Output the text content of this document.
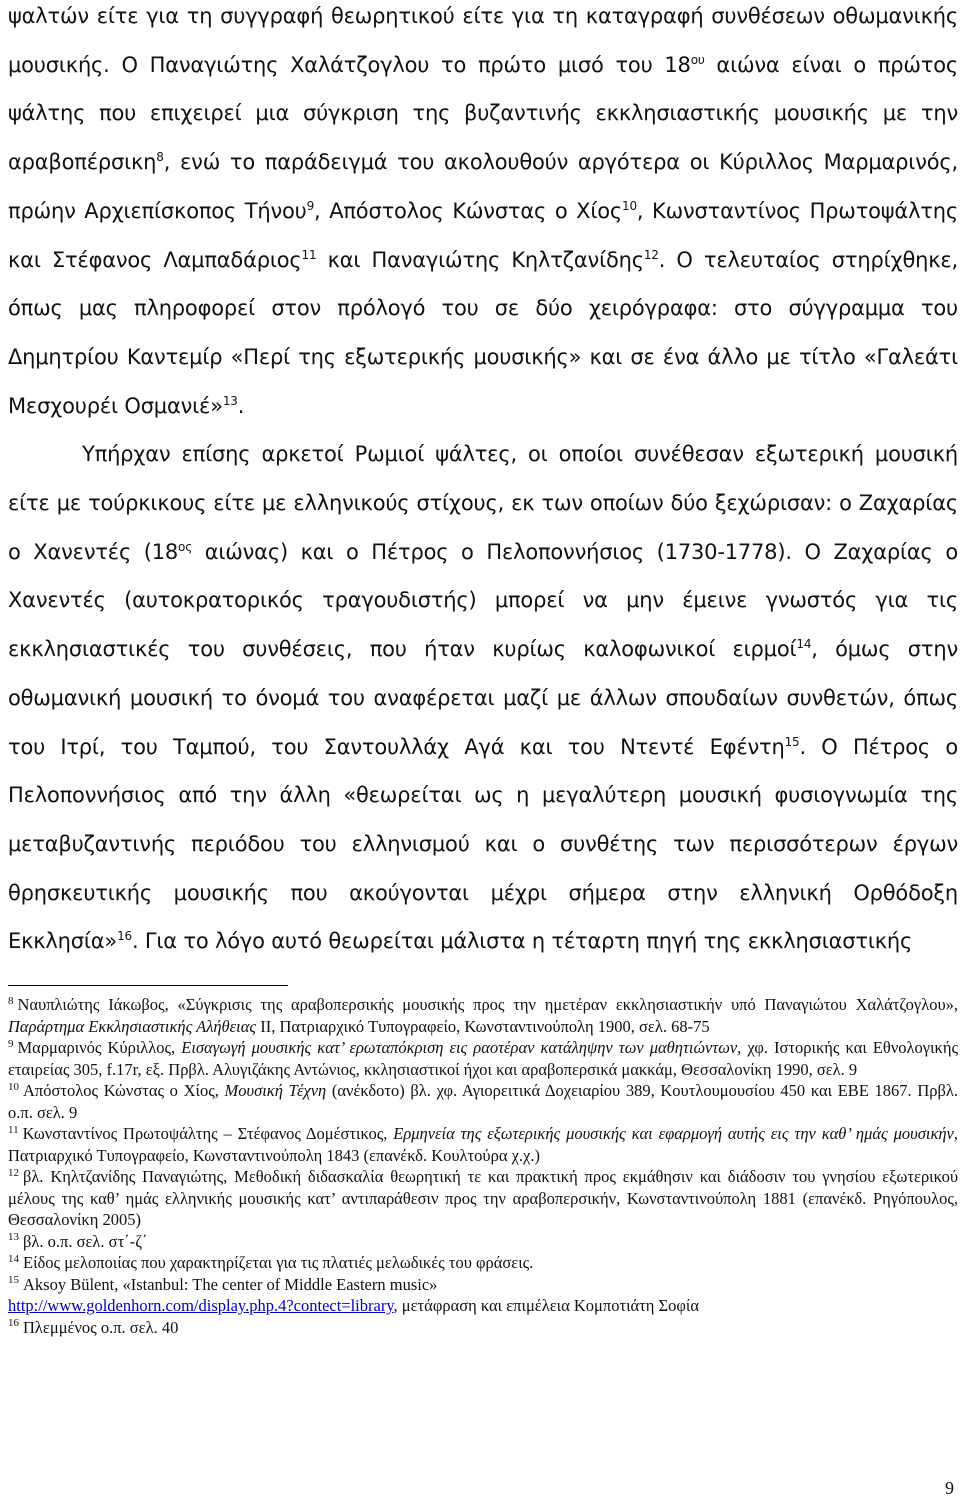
ψαλτών είτε για τη συγγραφή θεωρητικού είτε για τη καταγραφή συνθέσεων οθωμανικής μουσικής. Ο Παναγιώτης Χαλάτζογλου το πρώτο μισό του 18$^{o\upsilon}$ αιώνα είναι ο πρώτος ψάλτης που επιχειρεί μια σύγκριση της βυζαντινής εκκλησιαστικής μουσικής με την αραβοπέρσικη$^8$, ενώ το παράδειγμά του ακολουθούν αργότερα οι Κύριλλος Μαρμαρινός, πρώην Αρχιεπίσκοπος Τήνου$^9$, Απόστολος Κώνστας ο Χίος$^{10}$, Κωνσταντίνος Πρωτοψάλτης και Στέφανος Λαμπαδάριος$^{11}$ και Παναγιώτης Κηλτζανίδης$^{12}$. Ο τελευταίος στηρίχθηκε, όπως μας πληροφορεί στον πρόλογό του σε δύο χειρόγραφα: στο σύγγραμμα του Δημητρίου Καντεμίρ «Περί της εξωτερικής μουσικής» και σε ένα άλλο με τίτλο «Γαλεάτι Μεσχουρέι Οσμανιέ»$^{13}$.

Υπήρχαν επίσης αρκετοί Ρωμιοί ψάλτες, οι οποίοι συνέθεσαν εξωτερική μουσική είτε με τούρκικους είτε με ελληνικούς στίχους, εκ των οποίων δύο ξεχώρισαν: ο Ζαχαρίας ο Χανεντές (18$^{o\varsigma}$ αιώνας) και ο Πέτρος ο Πελοποννήσιος (1730-1778). Ο Ζαχαρίας ο Χανεντές (αυτοκρατορικός τραγουδιστής) μπορεί να μην έμεινε γνωστός για τις εκκλησιαστικές του συνθέσεις, που ήταν κυρίως καλοφωνικοί ειρμοί$^{14}$, όμως στην οθωμανική μουσική το όνομά του αναφέρεται μαζί με άλλων σπουδαίων συνθετών, όπως του Ιτρί, του Ταμπού, του Σαντουλλάχ Αγά και του Ντεντέ Εφέντη$^{15}$. Ο Πέτρος ο Πελοποννήσιος από την άλλη «θεωρείται ως η μεγαλύτερη μουσική φυσιογνωμία της μεταβυζαντινής περιόδου του ελληνισμού και ο συνθέτης των περισσότερων έργων θρησκευτικής μουσικής που ακούγονται μέχρι σήμερα στην ελληνική Ορθόδοξη Εκκλησία»$^{16}$. Για το λόγο αυτό θεωρείται μάλιστα η τέταρτη πηγή της εκκλησιαστικής

$^8$ Ναυπλιώτης Ιάκωβος, «Σύγκρισις της αραβοπερσικής μουσικής προς την ημετέραν εκκλησιαστικήν υπό Παναγιώτου Χαλάτζογλου», Παράρτημα Εκκλησιαστικής Αλήθειας ΙΙ, Πατριαρχικό Τυπογραφείο, Κωνσταντινούπολη 1900, σελ. 68-75

$^9$ Μαρμαρινός Κύριλλος, Εισαγωγή μουσικής κατ’ ερωταπόκριση εις ραοτέραν κατάληψην των μαθητιώντων, χφ. Ιστορικής και Εθνολογικής εταιρείας 305, f.17r, εξ. Πρβλ. Αλυγιζάκης Αντώνιος, κκλησιαστικοί ήχοι και αραβοπερσικά μακκάμ, Θεσσαλονίκη 1990, σελ. 9

$^{10}$ Απόστολος Κώνστας ο Χίος, Μουσική Τέχνη (ανέκδοτο) βλ. χφ. Αγιορειτικά Δοχειαρίου 389, Κουτλουμουσίου 450 και ΕΒΕ 1867. Πρβλ. ο.π. σελ. 9

$^{11}$ Κωνσταντίνος Πρωτοψάλτης – Στέφανος Δομέστικος, Ερμηνεία της εξωτερικής μουσικής και εφαρμογή αυτής εις την καθ’ ημάς μουσικήν, Πατριαρχικό Τυπογραφείο, Κωνσταντινούπολη 1843 (επανέκδ. Κουλτούρα χ.χ.)

$^{12}$ βλ. Κηλτζανίδης Παναγιώτης, Μεθοδική διδασκαλία θεωρητική τε και πρακτική προς εκμάθησιν και διάδοσιν του γνησίου εξωτερικού μέλους της καθ’ ημάς ελληνικής μουσικής κατ’ αντιπαράθεσιν προς την αραβοπερσικήν, Κωνσταντινούπολη 1881 (επανέκδ. Ρηγόπουλος, Θεσσαλονίκη 2005)

$^{13}$ βλ. ο.π. σελ. στ΄-ζ΄

$^{14}$ Είδος μελοποιίας που χαρακτηρίζεται για τις πλατιές μελωδικές του φράσεις.

$^{15}$ Aksoy Bülent, «Istanbul: The center of Middle Eastern music»
http://www.goldenhorn.com/display.php.4?contect=library, μετάφραση και επιμέλεια Κομποτιάτη Σοφία

$^{16}$ Πλεμμένος ο.π. σελ. 40

9
